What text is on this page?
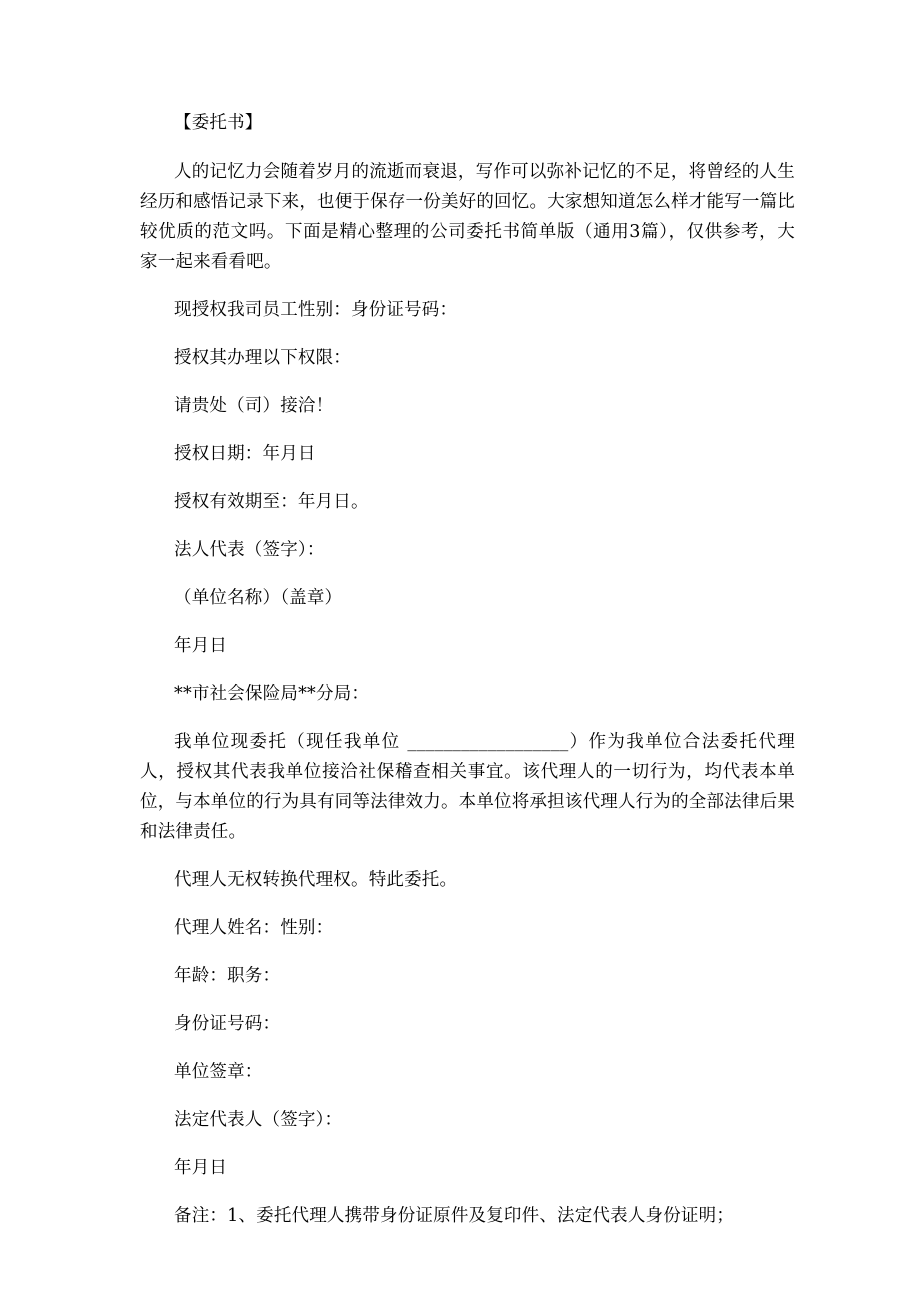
【委托书】

人的记忆力会随着岁月的流逝而衰退，写作可以弥补记忆的不足，将曾经的人生经历和感悟记录下来，也便于保存一份美好的回忆。大家想知道怎么样才能写一篇比较优质的范文吗。下面是精心整理的公司委托书简单版（通用3篇），仅供参考，大家一起来看看吧。

现授权我司员工性别：身份证号码：

授权其办理以下权限：

请贵处（司）接洽！

授权日期：年月日

授权有效期至：年月日。

法人代表（签字）：

（单位名称）（盖章）

年月日

**市社会保险局**分局：

我单位现委托（现任我单位 __________________）作为我单位合法委托代理人，授权其代表我单位接洽社保稽查相关事宜。该代理人的一切行为，均代表本单位，与本单位的行为具有同等法律效力。本单位将承担该代理人行为的全部法律后果和法律责任。

代理人无权转换代理权。特此委托。

代理人姓名：性别：

年龄：职务：

身份证号码：

单位签章：

法定代表人（签字）：

年月日

备注：1、委托代理人携带身份证原件及复印件、法定代表人身份证明；
